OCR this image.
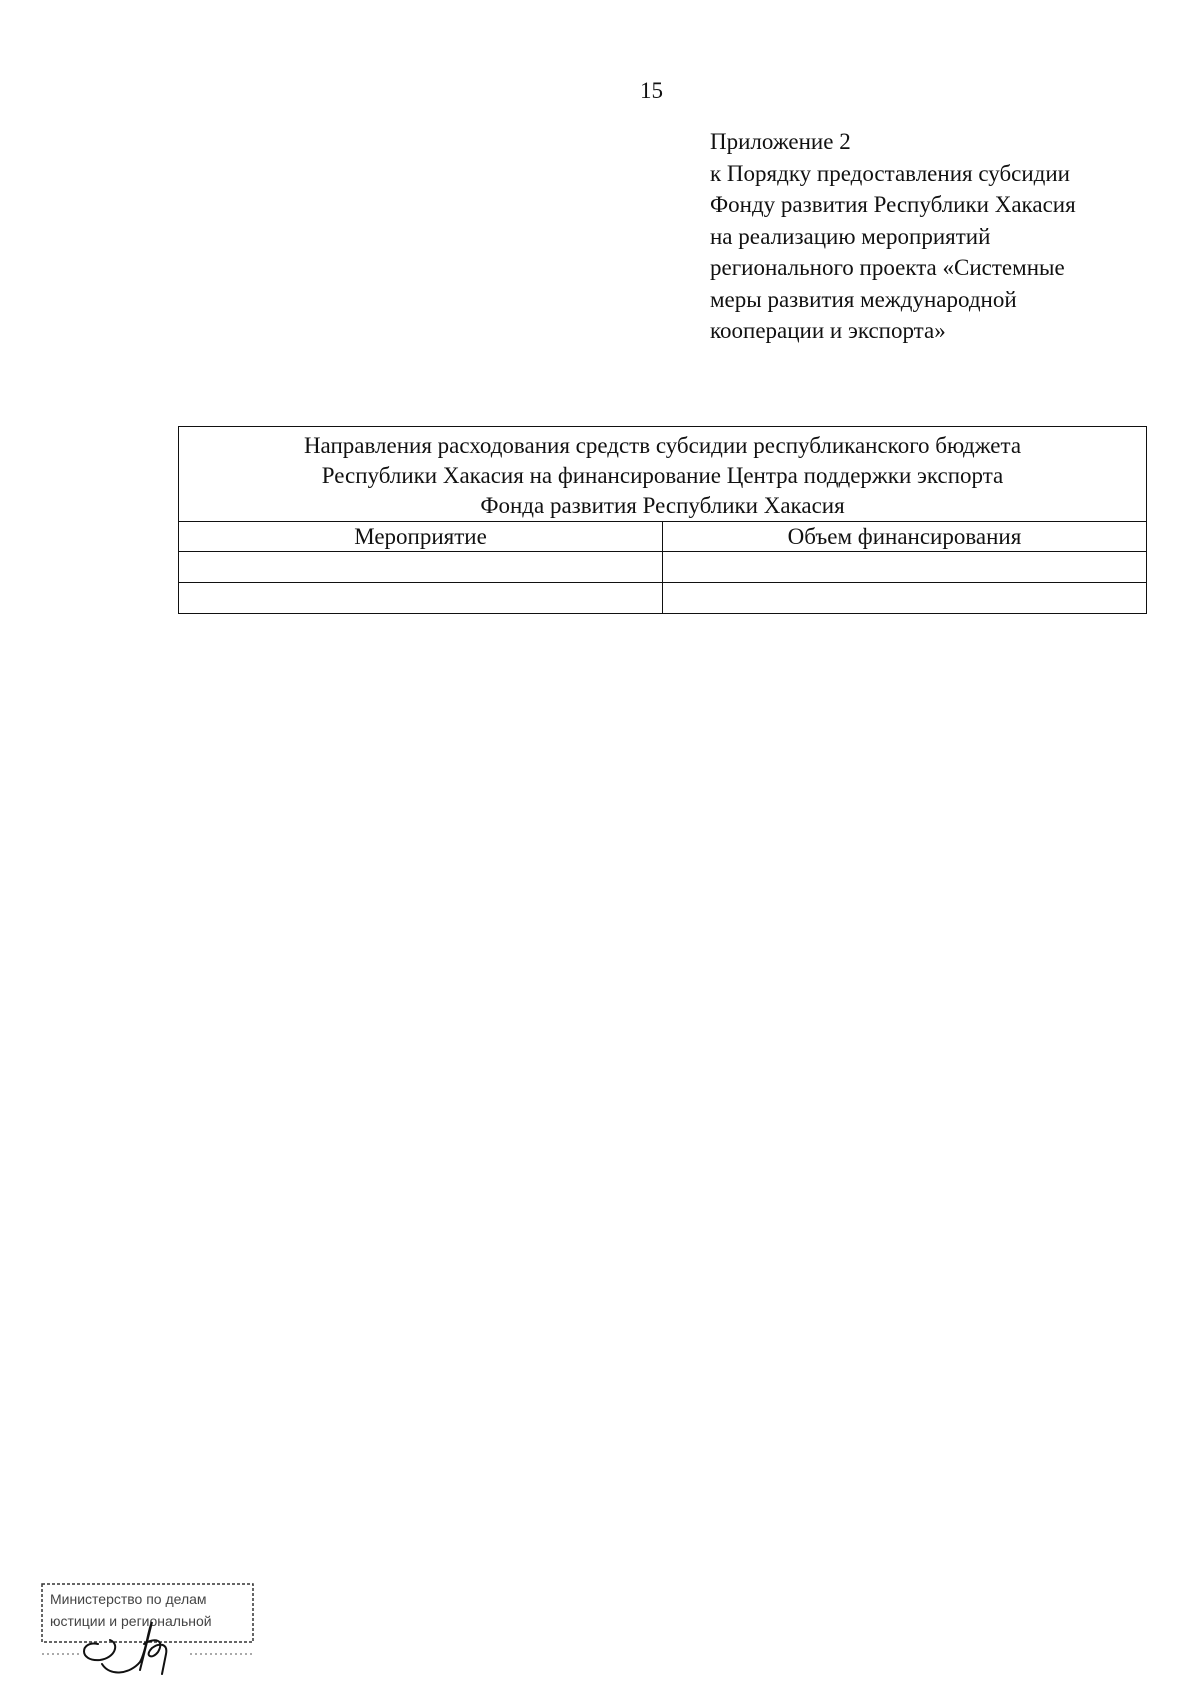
15
Приложение 2
к Порядку предоставления субсидии
Фонду развития Республики Хакасия
на реализацию мероприятий
регионального проекта «Системные
меры развития международной
кооперации и экспорта»
Направления расходования средств субсидии республиканского бюджета
Республики Хакасия на финансирование Центра поддержки экспорта
Фонда развития Республики Хакасия	

Мероприятие	Объем финансирования

Министерство по делам
юстиции и региональной
